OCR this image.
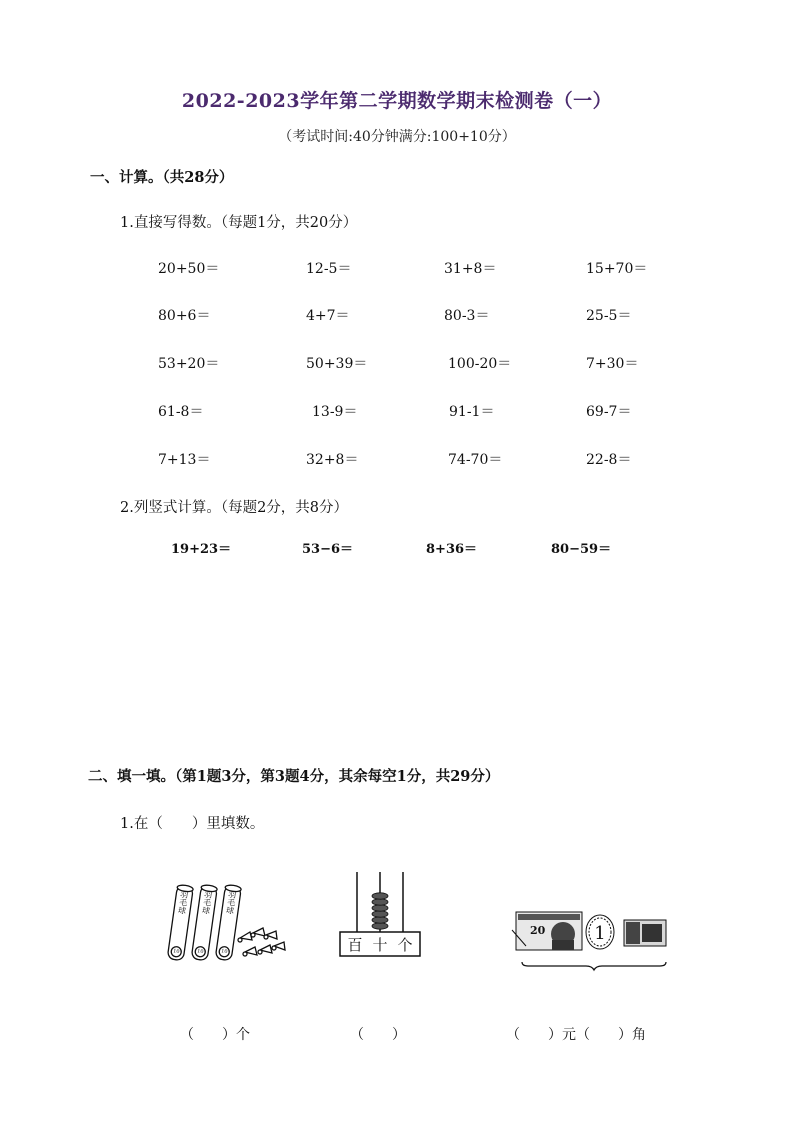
2022-2023学年第二学期数学期末检测卷（一）
（考试时间:40分钟满分:100+10分）
一、计算。（共28分）
1.直接写得数。（每题1分，共20分）
20+50＝	12-5＝	31+8＝	15+70＝
80+6＝	4+7＝	80-3＝	25-5＝
53+20＝	50+39＝	100-20＝	7+30＝
61-8＝	13-9＝	91-1＝	69-7＝
7+13＝	32+8＝	74-70＝	22-8＝
2.列竖式计算。（每题2分，共8分）
19+23＝	53−6＝	8+36＝	80−59＝
二、填一填。（第1题3分，第3题4分，其余每空1分，共29分）
1.在（　　）里填数。
10
羽毛球
10
羽毛球
10
羽毛球
百 十 个
20	1
（　　）个	（　　）	（　　）元（　　）角
